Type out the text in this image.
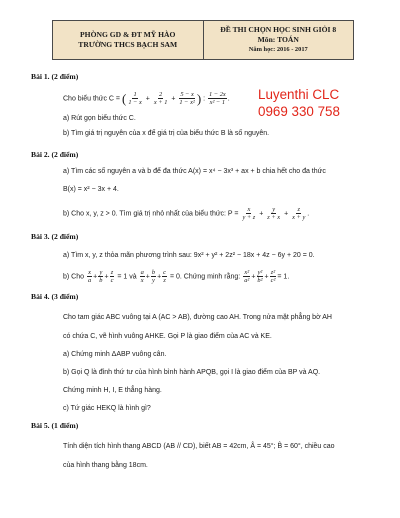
PHÒNG GD & ĐT MỸ HÀO
TRƯỜNG THCS BẠCH SAM
ĐỀ THI CHỌN HỌC SINH GIỎI 8
Môn: TOÁN
Năm học: 2016 - 2017
Luyenthi CLC
0969 330 758
Bài 1. (2 điểm)
Cho biểu thức C = ( $\frac{1}{1 - x} + \frac{2}{x + 1} + \frac{5 - x}{\text{1 − x²}}$ ) : $\frac{1 - 2x}{\text{x² − 1}}$ .
a) Rút gọn biểu thức C.
b) Tìm giá trị nguyên của x để giá trị của biểu thức B là số nguyên.
Bài 2. (2 điểm)
a) Tìm các số nguyên a và b để đa thức A(x) = x⁴ − 3x³ + ax + b chia hết cho đa thức
B(x) = x² − 3x + 4.
b) Cho x, y, z > 0. Tìm giá trị nhỏ nhất của biểu thức: $P = \frac{x}{y + z} + \frac{y}{z + x} + \frac{z}{x + y}$ .
Bài 3. (2 điểm)
a) Tìm x, y, z thỏa mãn phương trình sau: 9x² + y² + 2z² − 18x + 4z − 6y + 20 = 0.
b) Cho $\frac{x}{a} + \frac{y}{b} + \frac{z}{c} = 1$ và $\frac{a}{x} + \frac{b}{y} + \frac{c}{z} = 0$. Chứng minh rằng: $\frac{\text{x²}}{\text{a²}} + \frac{\text{y²}}{\text{b²}} + \frac{\text{z²}}{\text{c²}} = 1$.
Bài 4. (3 điểm)
Cho tam giác ABC vuông tại A (AC > AB), đường cao AH. Trong nửa mặt phẳng bờ AH
có chứa C, vẽ hình vuông AHKE. Gọi P là giao điểm của AC và KE.
a) Chứng minh ΔABP vuông cân.
b) Gọi Q là đỉnh thứ tư của hình bình hành APQB, gọi I là giao điểm của BP và AQ.
Chứng minh H, I, E thẳng hàng.
c) Tứ giác HEKQ là hình gì?
Bài 5. (1 điểm)
Tính diện tích hình thang ABCD (AB // CD), biết AB = 42cm, Â = 45°; B̂ = 60°, chiều cao
của hình thang bằng 18cm.
